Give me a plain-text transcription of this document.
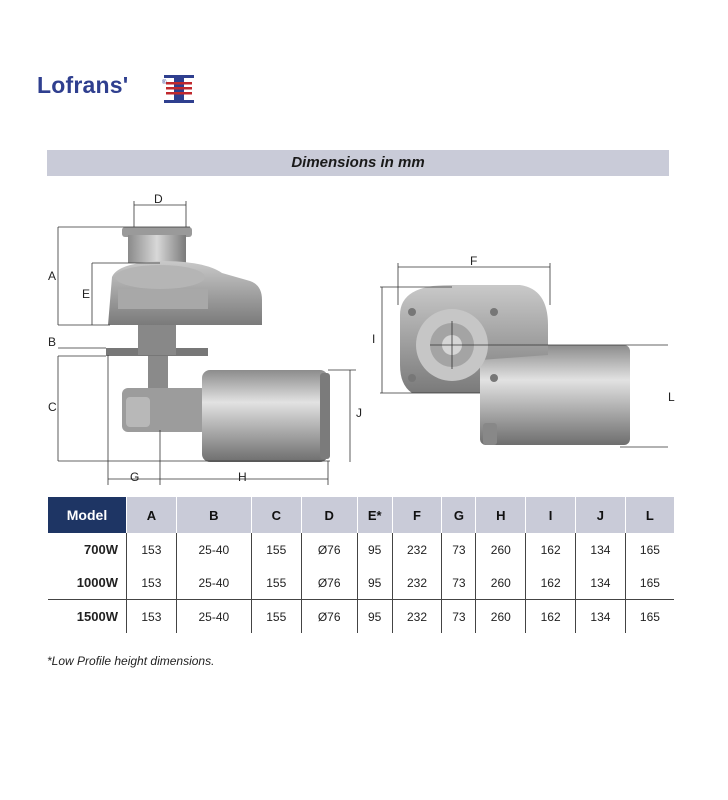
Lofrans'	®
Dimensions in mm
A
E
B
C
D
J
G	H
F
I
L
Model	A	B	C	D	E*	F	G	H	I	J	L
700W	153	25-40	155	Ø76	95	232	73	260	162	134	165
1000W	153	25-40	155	Ø76	95	232	73	260	162	134	165
1500W	153	25-40	155	Ø76	95	232	73	260	162	134	165
*Low Profile height dimensions.
